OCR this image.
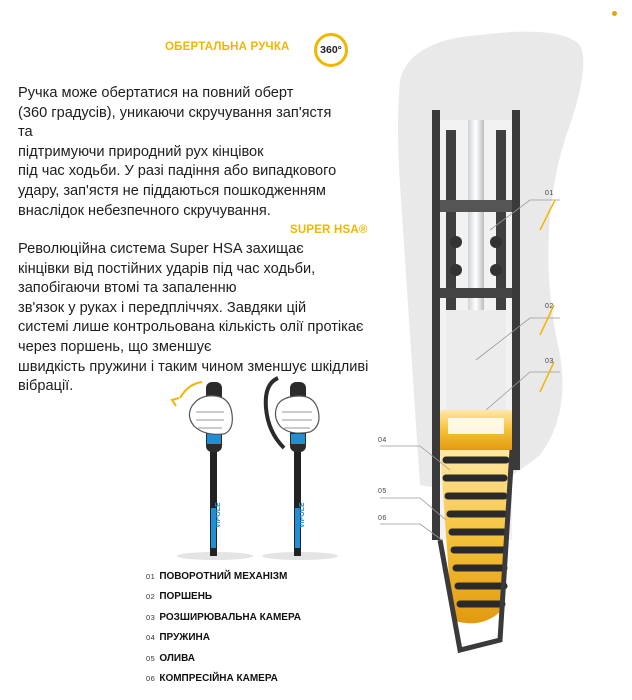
ОБЕРТАЛЬНА РУЧКА	360°
Ручка може обертатися на повний оберт
(360 градусів), уникаючи скручування зап'ястя
та
підтримуючи природний рух кінцівок
під час ходьби. У разі падіння або випадкового
удару, зап'ястя не піддаються пошкодженням
внаслідок небезпечного скручування.
SUPER HSA®
Революційна система Super HSA захищає
кінцівки від постійних ударів під час ходьби,
запобігаючи втомі та запаленню
зв'язок у руках і передпліччях. Завдяки цій
системі лише контрольована кількість олії протікає
через поршень, що зменшує
швидкість пружини і таким чином зменшує шкідливі
вібрації.
VIPOLE	VIPOLE
01
02
03
04
05
06
01 ПОВОРОТНИЙ МЕХАНІЗМ
02 ПОРШЕНЬ
03 РОЗШИРЮВАЛЬНА КАМЕРА
04 ПРУЖИНА
05 ОЛИВА
06 КОМПРЕСІЙНА КАМЕРА
